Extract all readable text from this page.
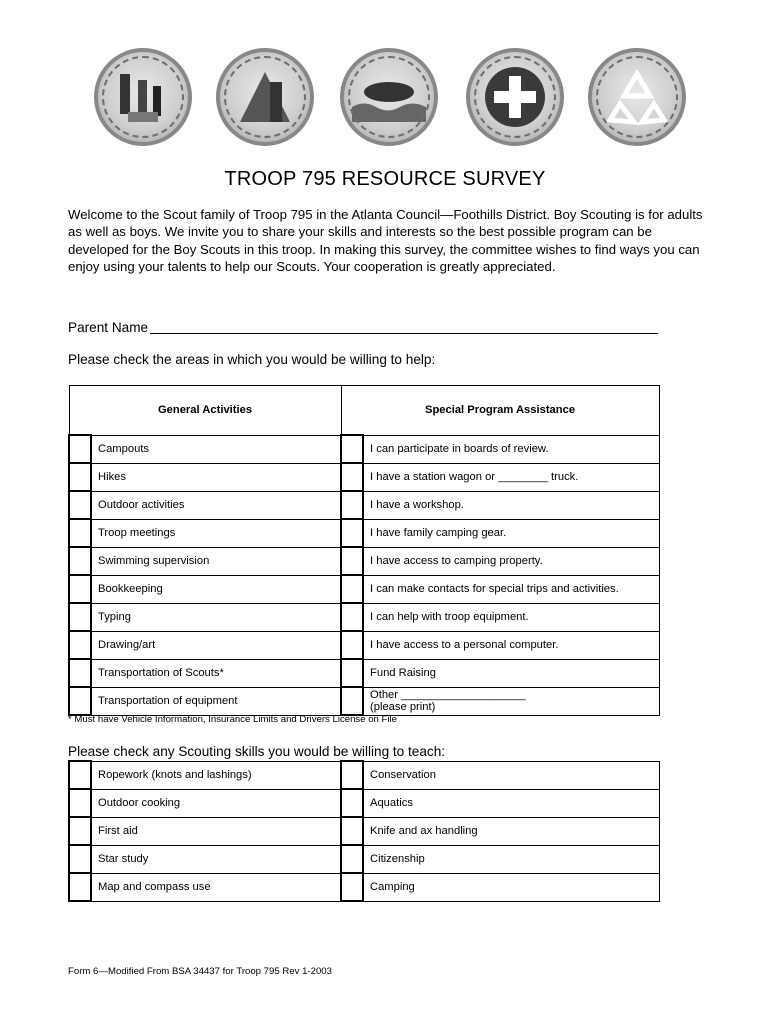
TROOP 795 RESOURCE SURVEY
Welcome to the Scout family of Troop 795 in the Atlanta Council—Foothills District. Boy Scouting is for adults as well as boys. We invite you to share your skills and interests so the best possible program can be developed for the Boy Scouts in this troop. In making this survey, the committee wishes to find ways you can enjoy using your talents to help our Scouts. Your cooperation is greatly appreciated.
Parent Name
Please check the areas in which you would be willing to help:
General Activities		Special Program Assistance	
	Campouts		I can participate in boards of review.
	Hikes		I have a station wagon or ________ truck.
	Outdoor activities		I have a workshop.
	Troop meetings		I have family camping gear.
	Swimming supervision		I have access to camping property.
	Bookkeeping		I can make contacts for special trips and activities.
	Typing		I can help with troop equipment.
	Drawing/art		I have access to a personal computer.
	Transportation of Scouts*		Fund Raising
	Transportation of equipment		Other ____________________
(please print)
* Must have Vehicle Information, Insurance Limits and Drivers License on File
Please check any Scouting skills you would be willing to teach:
	Ropework (knots and lashings)		Conservation
	Outdoor cooking		Aquatics
	First aid		Knife and ax handling
	Star study		Citizenship
	Map and compass use		Camping
Form 6—Modified From BSA 34437 for Troop 795 Rev 1-2003
